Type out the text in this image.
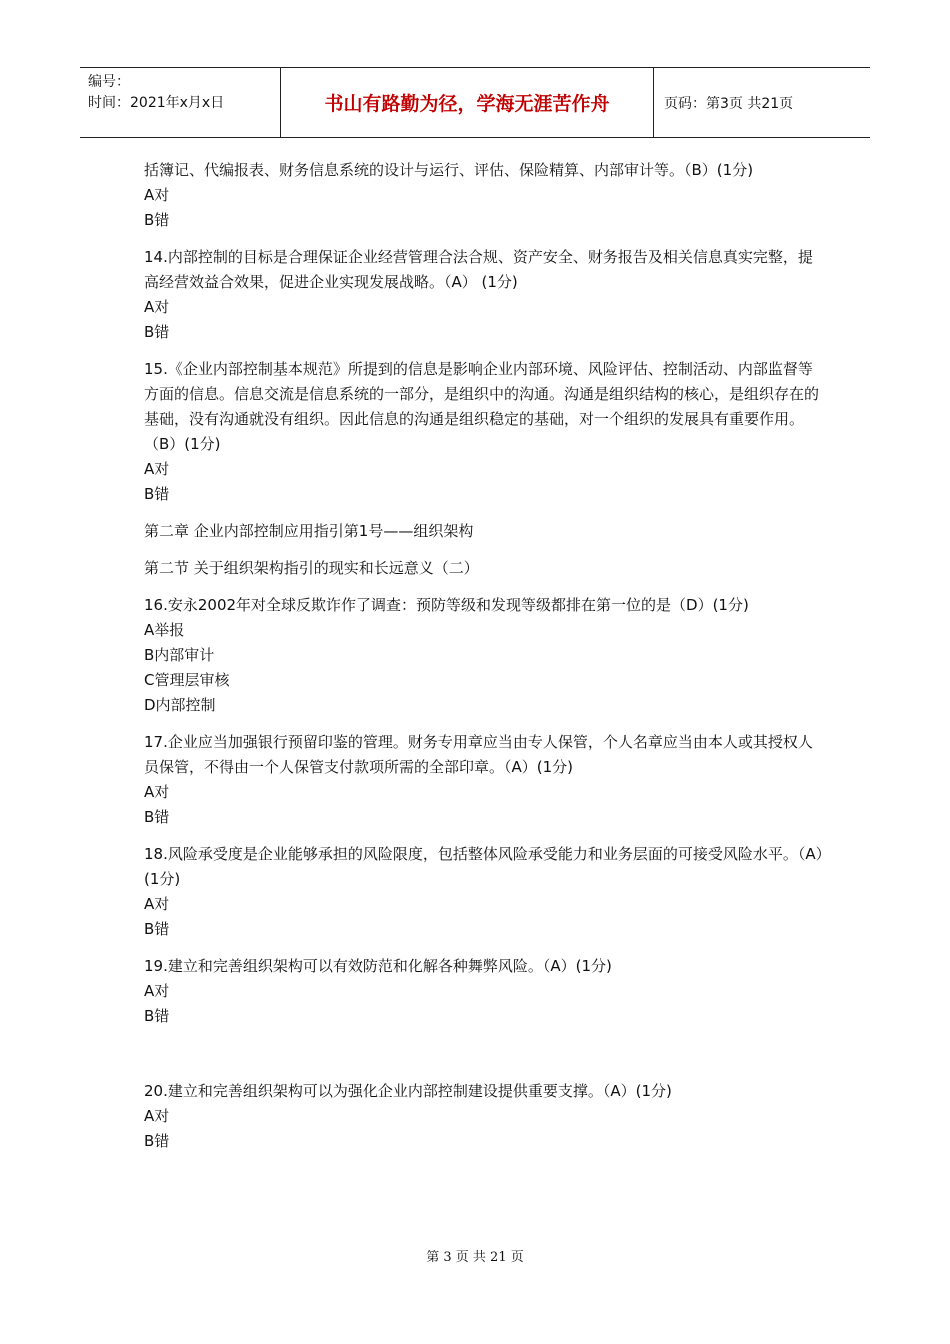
编号：
时间：2021年x月x日	书山有路勤为径，学海无涯苦作舟	页码：第3页 共21页

括簿记、代编报表、财务信息系统的设计与运行、评估、保险精算、内部审计等。（B）(1分)

A对

B错

14.内部控制的目标是合理保证企业经营管理合法合规、资产安全、财务报告及相关信息真实完整，提高经营效益合效果，促进企业实现发展战略。（A） (1分)

A对

B错

15.《企业内部控制基本规范》所提到的信息是影响企业内部环境、风险评估、控制活动、内部监督等方面的信息。信息交流是信息系统的一部分，是组织中的沟通。沟通是组织结构的核心，是组织存在的基础，没有沟通就没有组织。因此信息的沟通是组织稳定的基础，对一个组织的发展具有重要作用。（B）(1分)

A对

B错

第二章 企业内部控制应用指引第1号——组织架构

第二节 关于组织架构指引的现实和长远意义（二）

16.安永2002年对全球反欺诈作了调查：预防等级和发现等级都排在第一位的是（D）(1分)

A举报

B内部审计

C管理层审核

D内部控制

17.企业应当加强银行预留印鉴的管理。财务专用章应当由专人保管，个人名章应当由本人或其授权人员保管，不得由一个人保管支付款项所需的全部印章。（A）(1分)

A对

B错

18.风险承受度是企业能够承担的风险限度，包括整体风险承受能力和业务层面的可接受风险水平。（A）(1分)

A对

B错

19.建立和完善组织架构可以有效防范和化解各种舞弊风险。（A）(1分)

A对

B错

20.建立和完善组织架构可以为强化企业内部控制建设提供重要支撑。（A）(1分)

A对

B错

第 3 页 共 21 页
